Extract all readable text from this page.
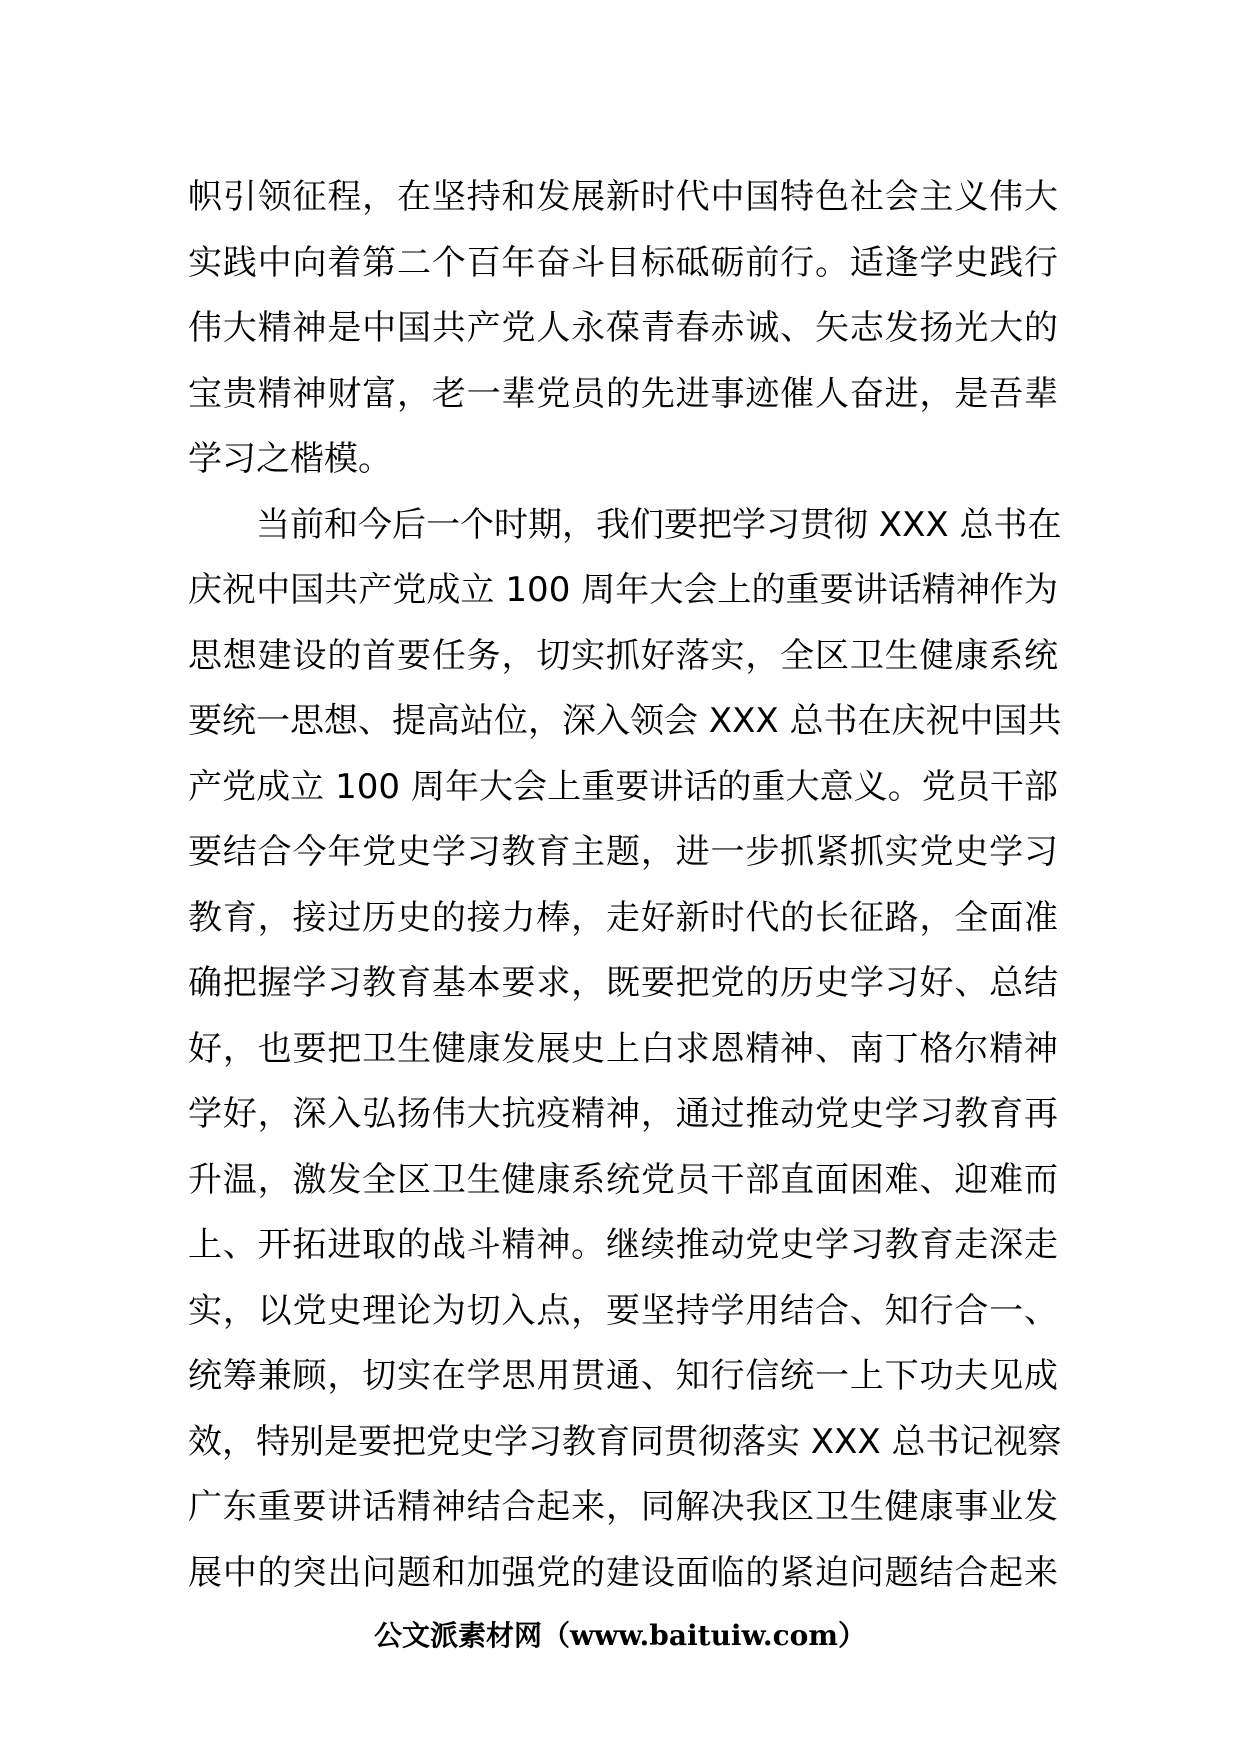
帜引领征程，在坚持和发展新时代中国特色社会主义伟大
实践中向着第二个百年奋斗目标砥砺前行。适逢学史践行
伟大精神是中国共产党人永葆青春赤诚、矢志发扬光大的
宝贵精神财富，老一辈党员的先进事迹催人奋进，是吾辈
学习之楷模。
当前和今后一个时期，我们要把学习贯彻 XXX 总书在
庆祝中国共产党成立 100 周年大会上的重要讲话精神作为
思想建设的首要任务，切实抓好落实，全区卫生健康系统
要统一思想、提高站位，深入领会 XXX 总书在庆祝中国共
产党成立 100 周年大会上重要讲话的重大意义。党员干部
要结合今年党史学习教育主题，进一步抓紧抓实党史学习
教育，接过历史的接力棒，走好新时代的长征路，全面准
确把握学习教育基本要求，既要把党的历史学习好、总结
好，也要把卫生健康发展史上白求恩精神、南丁格尔精神
学好，深入弘扬伟大抗疫精神，通过推动党史学习教育再
升温，激发全区卫生健康系统党员干部直面困难、迎难而
上、开拓进取的战斗精神。继续推动党史学习教育走深走
实，以党史理论为切入点，要坚持学用结合、知行合一、
统筹兼顾，切实在学思用贯通、知行信统一上下功夫见成
效，特别是要把党史学习教育同贯彻落实 XXX 总书记视察
广东重要讲话精神结合起来，同解决我区卫生健康事业发
展中的突出问题和加强党的建设面临的紧迫问题结合起来
公文派素材网（www.baituiw.com）
